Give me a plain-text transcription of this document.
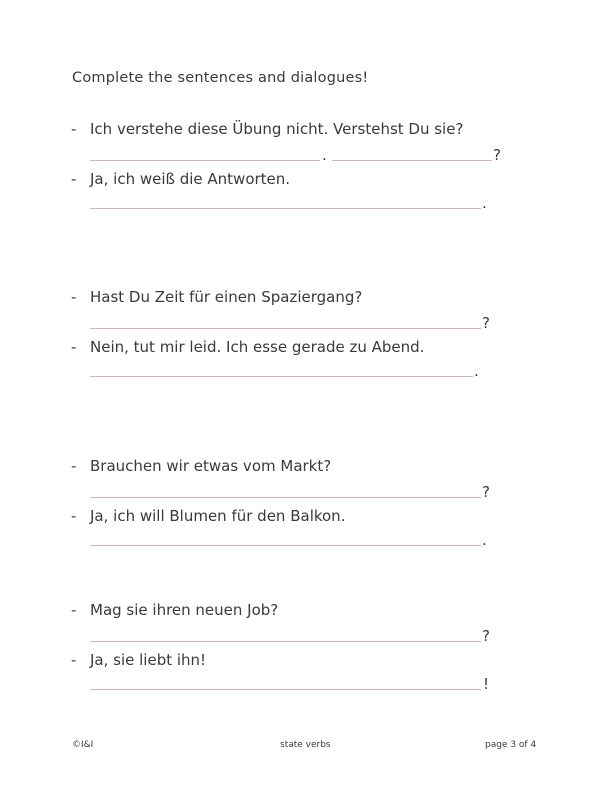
Complete the sentences and dialogues!
- Ich verstehe diese Übung nicht. Verstehst Du sie?
.	?
- Ja, ich weiß die Antworten.
.
- Hast Du Zeit für einen Spaziergang?
?
- Nein, tut mir leid. Ich esse gerade zu Abend.
.
- Brauchen wir etwas vom Markt?
?
- Ja, ich will Blumen für den Balkon.
.
- Mag sie ihren neuen Job?
?
- Ja, sie liebt ihn!
!
©I&I	state verbs	page 3 of 4
